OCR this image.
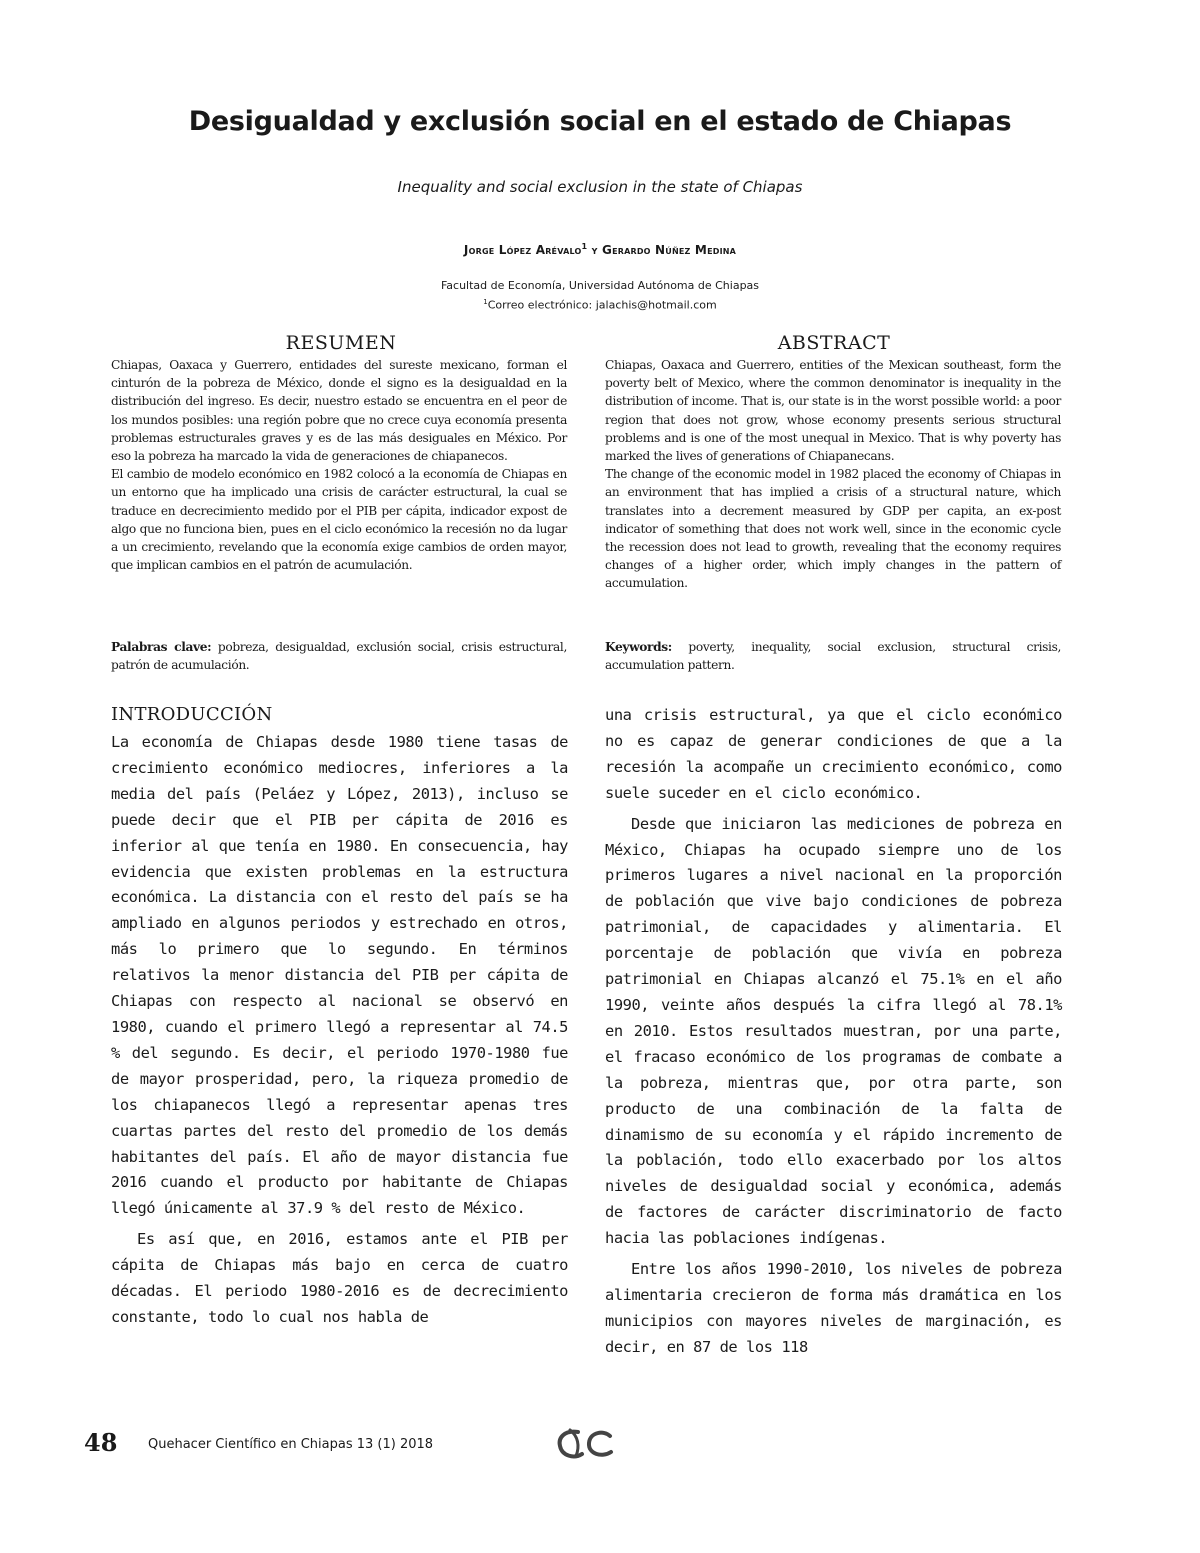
Desigualdad y exclusión social en el estado de Chiapas
Inequality and social exclusion in the state of Chiapas
Jorge López Arévalo$^1$ y Gerardo Núñez Medina
Facultad de Economía, Universidad Autónoma de Chiapas
$^1$Correo electrónico: jalachis@hotmail.com
RESUMEN

Chiapas, Oaxaca y Guerrero, entidades del sureste mexicano, forman el cinturón de la pobreza de México, donde el signo es la desigualdad en la distribución del ingreso. Es decir, nuestro estado se encuentra en el peor de los mundos posibles: una región pobre que no crece cuya economía presenta problemas estructurales graves y es de las más desiguales en México. Por eso la pobreza ha marcado la vida de generaciones de chiapanecos.

El cambio de modelo económico en 1982 colocó a la economía de Chiapas en un entorno que ha implicado una crisis de carácter estructural, la cual se traduce en decrecimiento medido por el PIB per cápita, indicador expost de algo que no funciona bien, pues en el ciclo económico la recesión no da lugar a un crecimiento, revelando que la economía exige cambios de orden mayor, que implican cambios en el patrón de acumulación.

Palabras clave: pobreza, desigualdad, exclusión social, crisis estructural, patrón de acumulación.
ABSTRACT

Chiapas, Oaxaca and Guerrero, entities of the Mexican southeast, form the poverty belt of Mexico, where the common denominator is inequality in the distribution of income. That is, our state is in the worst possible world: a poor region that does not grow, whose economy presents serious structural problems and is one of the most unequal in Mexico. That is why poverty has marked the lives of generations of Chiapanecans.

The change of the economic model in 1982 placed the economy of Chiapas in an environment that has implied a crisis of a structural nature, which translates into a decrement measured by GDP per capita, an ex-post indicator of something that does not work well, since in the economic cycle the recession does not lead to growth, revealing that the economy requires changes of a higher order, which imply changes in the pattern of accumulation.

Keywords: poverty, inequality, social exclusion, structural crisis, accumulation pattern.
INTRODUCCIÓN

La economía de Chiapas desde 1980 tiene tasas de crecimiento económico mediocres, inferiores a la media del país (Peláez y López, 2013), incluso se puede decir que el PIB per cápita de 2016 es inferior al que tenía en 1980. En consecuencia, hay evidencia que existen problemas en la estructura económica. La distancia con el resto del país se ha ampliado en algunos periodos y estrechado en otros, más lo primero que lo segundo. En términos relativos la menor distancia del PIB per cápita de Chiapas con respecto al nacional se observó en 1980, cuando el primero llegó a representar al 74.5 % del segundo. Es decir, el periodo 1970-1980 fue de mayor prosperidad, pero, la riqueza promedio de los chiapanecos llegó a representar apenas tres cuartas partes del resto del promedio de los demás habitantes del país. El año de mayor distancia fue 2016 cuando el producto por habitante de Chiapas llegó únicamente al 37.9 % del resto de México.

Es así que, en 2016, estamos ante el PIB per cápita de Chiapas más bajo en cerca de cuatro décadas. El periodo 1980-2016 es de decrecimiento constante, todo lo cual nos habla de

una crisis estructural, ya que el ciclo económico no es capaz de generar condiciones de que a la recesión la acompañe un crecimiento económico, como suele suceder en el ciclo económico.

Desde que iniciaron las mediciones de pobreza en México, Chiapas ha ocupado siempre uno de los primeros lugares a nivel nacional en la proporción de población que vive bajo condiciones de pobreza patrimonial, de capacidades y alimentaria. El porcentaje de población que vivía en pobreza patrimonial en Chiapas alcanzó el 75.1% en el año 1990, veinte años después la cifra llegó al 78.1% en 2010. Estos resultados muestran, por una parte, el fracaso económico de los programas de combate a la pobreza, mientras que, por otra parte, son producto de una combinación de la falta de dinamismo de su economía y el rápido incremento de la población, todo ello exacerbado por los altos niveles de desigualdad social y económica, además de factores de carácter discriminatorio de facto hacia las poblaciones indígenas.

Entre los años 1990-2010, los niveles de pobreza alimentaria crecieron de forma más dramática en los municipios con mayores niveles de marginación, es decir, en 87 de los 118

48 Quehacer Científico en Chiapas 13 (1) 2018
